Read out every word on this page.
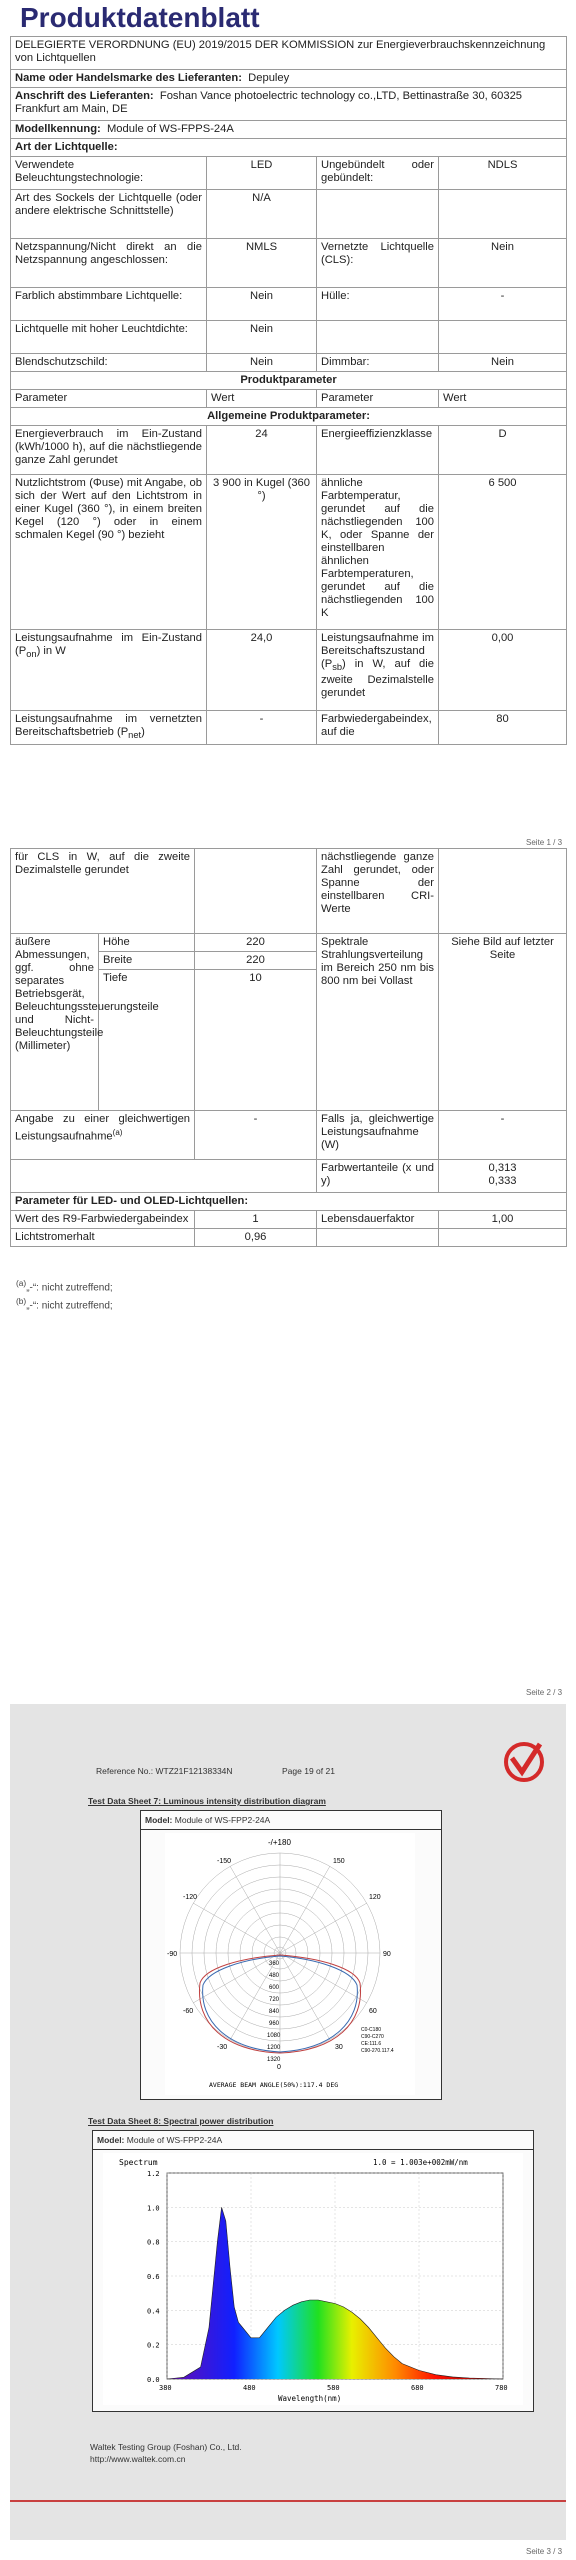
Produktdatenblatt
DELEGIERTE VERORDNUNG (EU) 2019/2015 DER KOMMISSION zur Energieverbrauchskennzeichnung von Lichtquellen			
Name oder Handelsmarke des Lieferanten: Depuley			
Anschrift des Lieferanten: Foshan Vance photoelectric technology co.,LTD, Bettinastraße 30, 60325 Frankfurt am Main, DE			
Modellkennung: Module of WS-FPPS-24A			
Art der Lichtquelle:			
Verwendete Beleuchtungstechnologie:	LED	Ungebündelt oder gebündelt:	NDLS
Art des Sockels der Lichtquelle (oder andere elektrische Schnittstelle)	N/A		
Netzspannung/Nicht direkt an die Netzspannung angeschlossen:	NMLS	Vernetzte Lichtquelle (CLS):	Nein
Farblich abstimmbare Lichtquelle:	Nein	Hülle:	-
Lichtquelle mit hoher Leuchtdichte:	Nein		
Blendschutzschild:	Nein	Dimmbar:	Nein
Produktparameter			
Parameter	Wert	Parameter	Wert
Allgemeine Produktparameter:			
Energieverbrauch im Ein-Zustand (kWh/1000 h), auf die nächstliegende ganze Zahl gerundet	24	Energieeffizienzklasse	D
Nutzlichtstrom (Φuse) mit Angabe, ob sich der Wert auf den Lichtstrom in einer Kugel (360 °), in einem breiten Kegel (120 °) oder in einem schmalen Kegel (90 °) bezieht	3 900 in Kugel (360 °)	ähnliche Farbtemperatur, gerundet auf die nächstliegenden 100 K, oder Spanne der einstellbaren ähnlichen Farbtemperaturen, gerundet auf die nächstliegenden 100 K	6 500
Leistungsaufnahme im Ein-Zustand $(P_{on})$ in W	24,0	Leistungsaufnahme im Bereitschaftszustand $(P_{sb})$ in W, auf die zweite Dezimalstelle gerundet	0,00
Leistungsaufnahme im vernetzten Bereitschaftsbetrieb $(P_{net})$	-	Farbwiedergabeindex, auf die	80
Seite 1 / 3
für CLS in W, auf die zweite Dezimalstelle gerundet			nächstliegende ganze Zahl gerundet, oder Spanne der einstellbaren CRI-Werte	
äußere Abmessungen, ggf. ohne separates Betriebsgerät, Beleuchtungssteuerungsteile und Nicht-Beleuchtungsteile (Millimeter)	Höhe	220	Spektrale Strahlungsverteilung im Bereich 250 nm bis 800 nm bei Vollast	Siehe Bild auf letzter Seite
	Breite	220		
	Tiefe	10		
Angabe zu einer gleichwertigen Leistungsaufnahme$^{(a)}$		-	Falls ja, gleichwertige Leistungsaufnahme (W)	-
			Farbwertanteile (x und y)	0,313
0,333

Parameter für LED- und OLED-Lichtquellen:				
Wert des R9-Farbwiedergabeindex		1	Lebensdauerfaktor	1,00
Lichtstromerhalt		0,96		
$^{(a)}$„-“: nicht zutreffend;
$^{(b)}$„-“: nicht zutreffend;
Seite 2 / 3
Reference No.: WTZ21F12138334N	Page 19 of 21
Test Data Sheet 7: Luminous intensity distribution diagram
Model: Module of WS-FPP2-24A
-/+180
-150	150
-120	120
-90	90
-60	60
-30	30
0
360
480
600
720
840
960
1080
1200
1320
C0-C180
C90-C270
CE:111.6
C90-270.117.4
AVERAGE BEAM ANGLE(50%):117.4 DEG
Test Data Sheet 8: Spectral power distribution
Model: Module of WS-FPP2-24A
Spectrum	1.0 = 1.003e+002mW/nm
0.0
0.2
0.4
0.6
0.8
1.0
1.2
380	480	580	680	780
Wavelength(nm)
Waltek Testing Group (Foshan) Co., Ltd.
http://www.waltek.com.cn
Seite 3 / 3
